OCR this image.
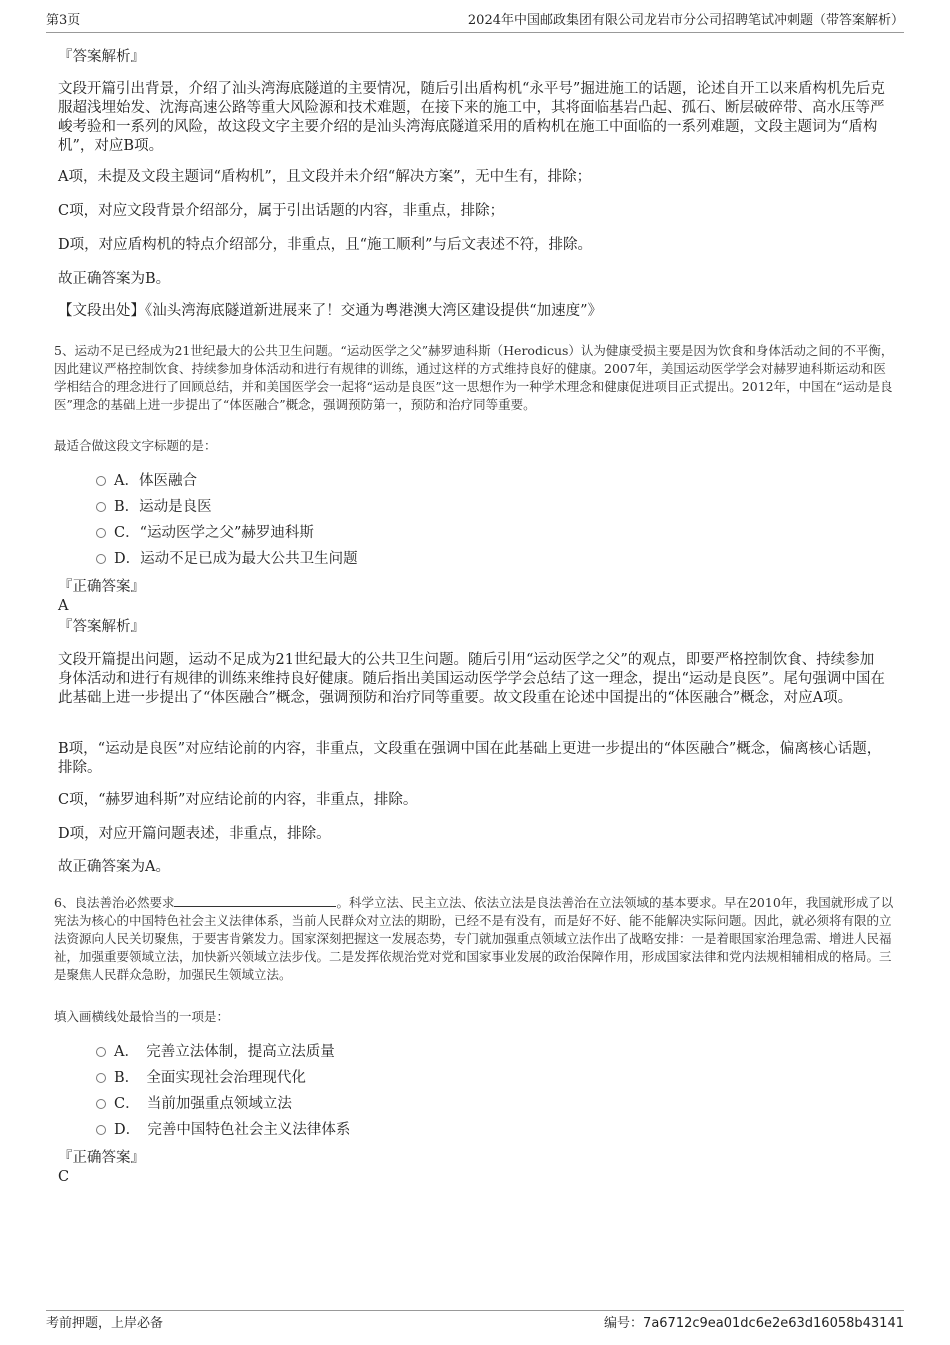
第3页	2024年中国邮政集团有限公司龙岩市分公司招聘笔试冲刺题（带答案解析）
『答案解析』

文段开篇引出背景，介绍了汕头湾海底隧道的主要情况，随后引出盾构机“永平号”掘进施工的话题，论述自开工以来盾构机先后克服超浅埋始发、沈海高速公路等重大风险源和技术难题，在接下来的施工中，其将面临基岩凸起、孤石、断层破碎带、高水压等严峻考验和一系列的风险，故这段文字主要介绍的是汕头湾海底隧道采用的盾构机在施工中面临的一系列难题，文段主题词为“盾构机”，对应B项。

A项，未提及文段主题词“盾构机”，且文段并未介绍“解决方案”，无中生有，排除；

C项，对应文段背景介绍部分，属于引出话题的内容，非重点，排除；

D项，对应盾构机的特点介绍部分，非重点，且“施工顺利”与后文表述不符，排除。

故正确答案为B。

【文段出处】《汕头湾海底隧道新进展来了！交通为粤港澳大湾区建设提供“加速度”》

5、运动不足已经成为21世纪最大的公共卫生问题。“运动医学之父”赫罗迪科斯（Herodicus）认为健康受损主要是因为饮食和身体活动之间的不平衡，因此建议严格控制饮食、持续参加身体活动和进行有规律的训练，通过这样的方式维持良好的健康。2007年，美国运动医学学会对赫罗迪科斯运动和医学相结合的理念进行了回顾总结，并和美国医学会一起将“运动是良医”这一思想作为一种学术理念和健康促进项目正式提出。2012年，中国在“运动是良医”理念的基础上进一步提出了“体医融合”概念，强调预防第一，预防和治疗同等重要。

最适合做这段文字标题的是：

A．体医融合
B．运动是良医
C．“运动医学之父”赫罗迪科斯
D．运动不足已成为最大公共卫生问题
『正确答案』
A
『答案解析』

文段开篇提出问题，运动不足成为21世纪最大的公共卫生问题。随后引用“运动医学之父”的观点，即要严格控制饮食、持续参加身体活动和进行有规律的训练来维持良好健康。随后指出美国运动医学学会总结了这一理念，提出“运动是良医”。尾句强调中国在此基础上进一步提出了“体医融合”概念，强调预防和治疗同等重要。故文段重在论述中国提出的“体医融合”概念，对应A项。

B项，“运动是良医”对应结论前的内容，非重点，文段重在强调中国在此基础上更进一步提出的“体医融合”概念，偏离核心话题，排除。

C项，“赫罗迪科斯”对应结论前的内容，非重点，排除。

D项，对应开篇问题表述，非重点，排除。

故正确答案为A。

6、良法善治必然要求	。科学立法、民主立法、依法立法是良法善治在立法领域的基本要求。早在2010年，我国就形成了以宪法为核心的中国特色社会主义法律体系，当前人民群众对立法的期盼，已经不是有没有，而是好不好、能不能解决实际问题。因此，就必须将有限的立法资源向人民关切聚焦，于要害肯綮发力。国家深刻把握这一发展态势，专门就加强重点领域立法作出了战略安排：一是着眼国家治理急需、增进人民福祉，加强重要领域立法，加快新兴领域立法步伐。二是发挥依规治党对党和国家事业发展的政治保障作用，形成国家法律和党内法规相辅相成的格局。三是聚焦人民群众急盼，加强民生领域立法。

填入画横线处最恰当的一项是：

A．　完善立法体制，提高立法质量
B．　全面实现社会治理现代化
C．　当前加强重点领域立法
D．　完善中国特色社会主义法律体系
『正确答案』
C
考前押题，上岸必备	编号：7a6712c9ea01dc6e2e63d16058b43141
